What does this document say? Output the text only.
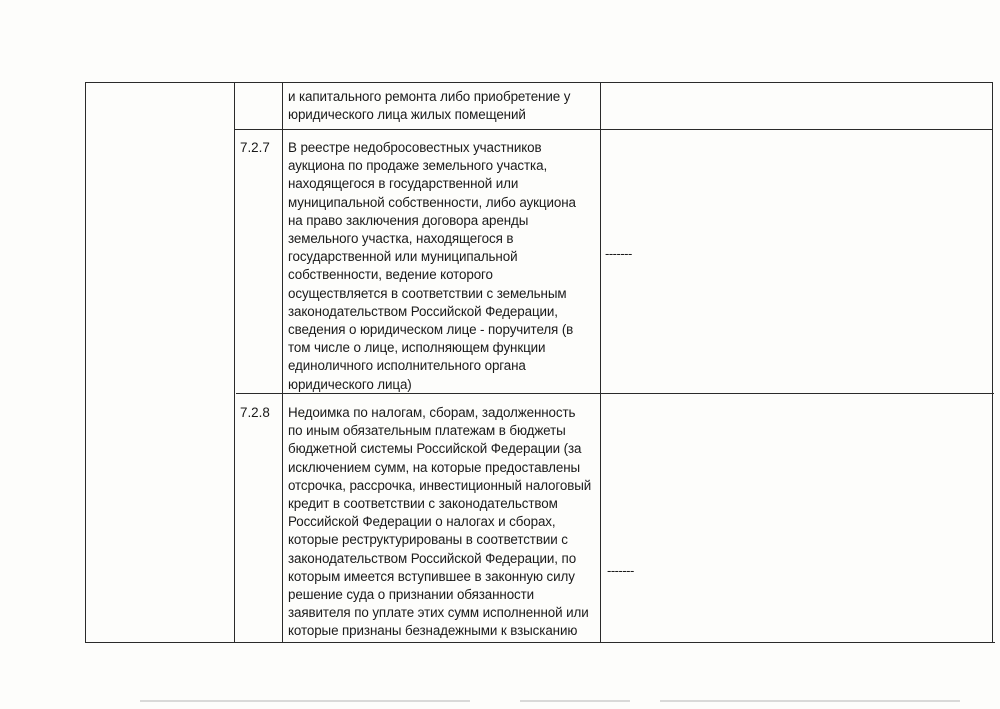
и капитального ремонта либо приобретение у
юридического лица жилых помещений
7.2.7 В реестре недобросовестных участников
аукциона по продаже земельного участка,
находящегося в государственной или
муниципальной собственности, либо аукциона
на право заключения договора аренды
земельного участка, находящегося в
государственной или муниципальной
собственности, ведение которого
осуществляется в соответствии с земельным
законодательством Российской Федерации,
сведения о юридическом лице - поручителя (в
том числе о лице, исполняющем функции
единоличного исполнительного органа
юридического лица)
-------
7.2.8 Недоимка по налогам, сборам, задолженность
по иным обязательным платежам в бюджеты
бюджетной системы Российской Федерации (за
исключением сумм, на которые предоставлены
отсрочка, рассрочка, инвестиционный налоговый
кредит в соответствии с законодательством
Российской Федерации о налогах и сборах,
которые реструктурированы в соответствии с
законодательством Российской Федерации, по
которым имеется вступившее в законную силу
решение суда о признании обязанности
заявителя по уплате этих сумм исполненной или
которые признаны безнадежными к взысканию
-------
